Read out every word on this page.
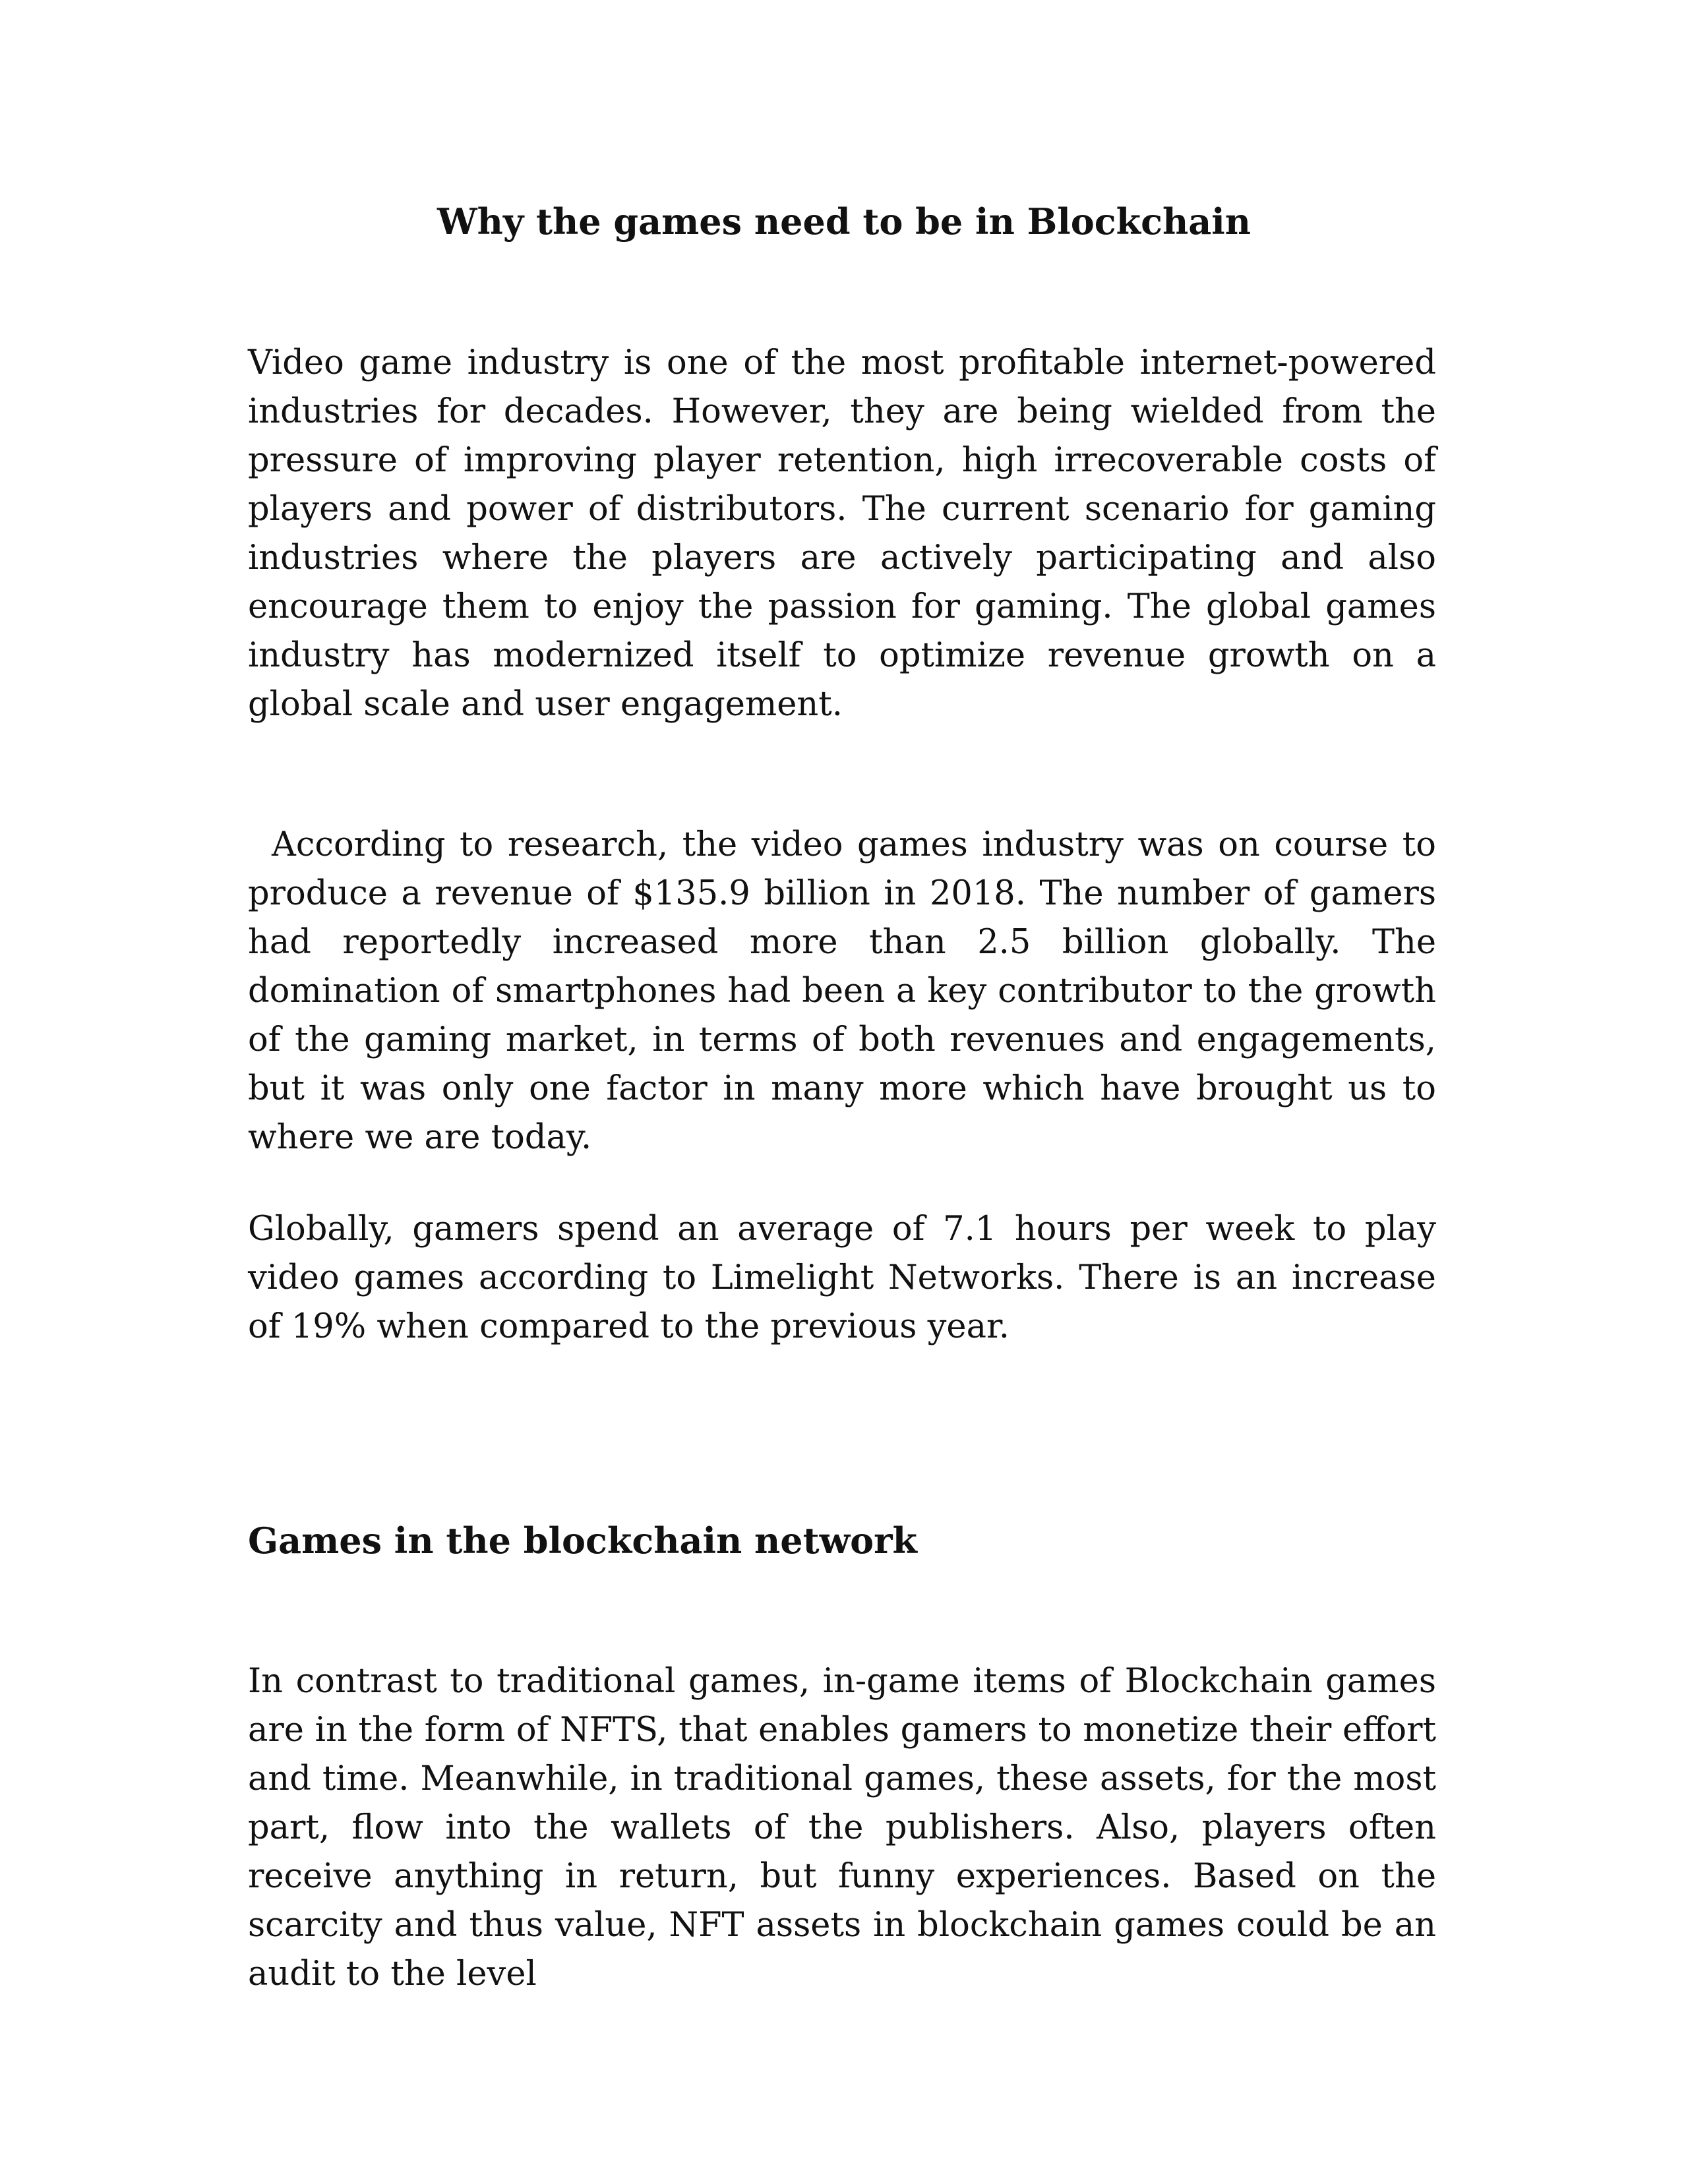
Why the games need to be in Blockchain

Video game industry is one of the most profitable internet-powered industries for decades. However, they are being wielded from the pressure of improving player retention, high irrecoverable costs of players and power of distributors. The current scenario for gaming industries where the players are actively participating and also encourage them to enjoy the passion for gaming. The global games industry has modernized itself to optimize revenue growth on a global scale and user engagement.

According to research, the video games industry was on course to produce a revenue of $135.9 billion in 2018. The number of gamers had reportedly increased more than 2.5 billion globally. The domination of smartphones had been a key contributor to the growth of the gaming market, in terms of both revenues and engagements, but it was only one factor in many more which have brought us to where we are today.

Globally, gamers spend an average of 7.1 hours per week to play video games according to Limelight Networks. There is an increase of 19% when compared to the previous year.

Games in the blockchain network

In contrast to traditional games, in-game items of Blockchain games are in the form of NFTS, that enables gamers to monetize their effort and time. Meanwhile, in traditional games, these assets, for the most part, flow into the wallets of the publishers. Also, players often receive anything in return, but funny experiences. Based on the scarcity and thus value, NFT assets in blockchain games could be an audit to the level
